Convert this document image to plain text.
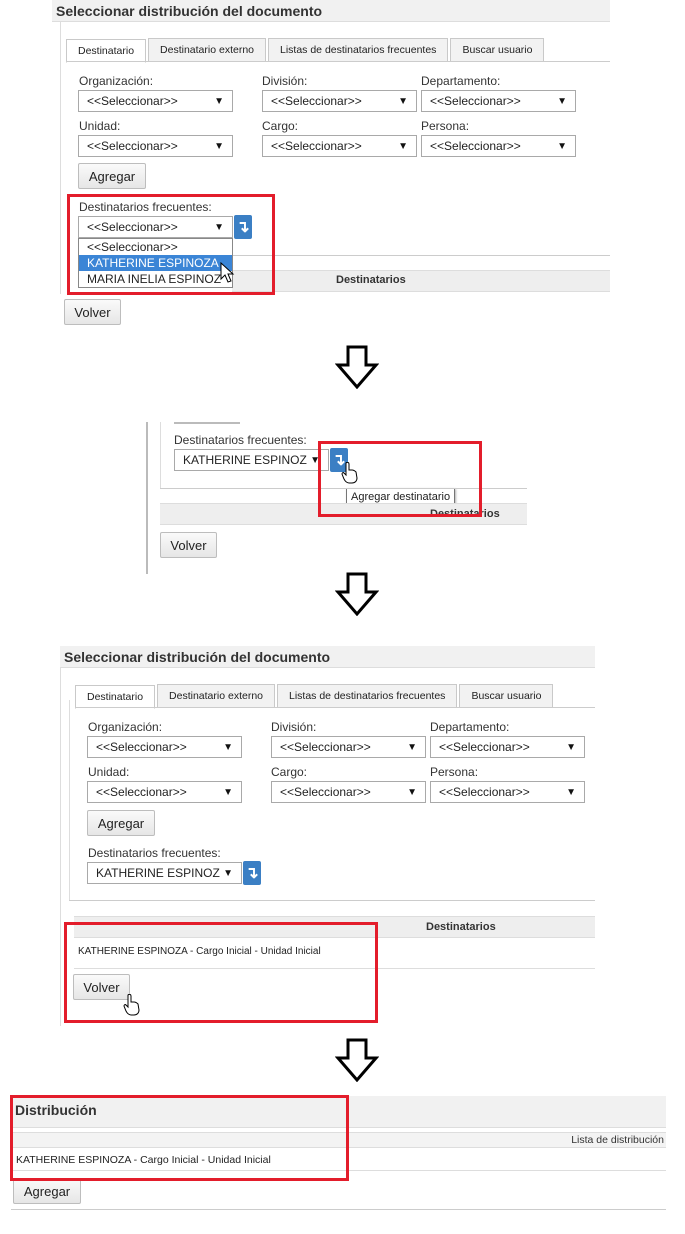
Seleccionar distribución del documento
Destinatario	Destinatario externo	Listas de destinatarios frecuentes	Buscar usuario
Organización:	División:	Departamento:
<<Seleccionar>>	▼	<<Seleccionar>>	▼ <<Seleccionar>>	▼
Unidad:	Cargo:	Persona:
<<Seleccionar>>	▼	<<Seleccionar>>	▼ <<Seleccionar>>	▼
Agregar
Destinatarios frecuentes:
<<Seleccionar>>	▼ ↴
Destinatarios
<<Seleccionar>>
KATHERINE ESPINOZA
MARIA INELIA ESPINOZ
Volver
Destinatarios frecuentes:
KATHERINE ESPINOZ ▼ ↴
Agregar destinatario
Destinatarios
Volver
Seleccionar distribución del documento
Destinatario	Destinatario externo	Listas de destinatarios frecuentes	Buscar usuario
Organización:	División:	Departamento:
<<Seleccionar>>	▼	<<Seleccionar>>	▼ <<Seleccionar>>	▼
Unidad:	Cargo:	Persona:
<<Seleccionar>>	▼	<<Seleccionar>>	▼ <<Seleccionar>>	▼
Agregar
Destinatarios frecuentes:
KATHERINE ESPINOZ ▼ ↴
Destinatarios
KATHERINE ESPINOZA - Cargo Inicial - Unidad Inicial
Volver
Distribución
Lista de distribución
KATHERINE ESPINOZA - Cargo Inicial - Unidad Inicial
Agregar
